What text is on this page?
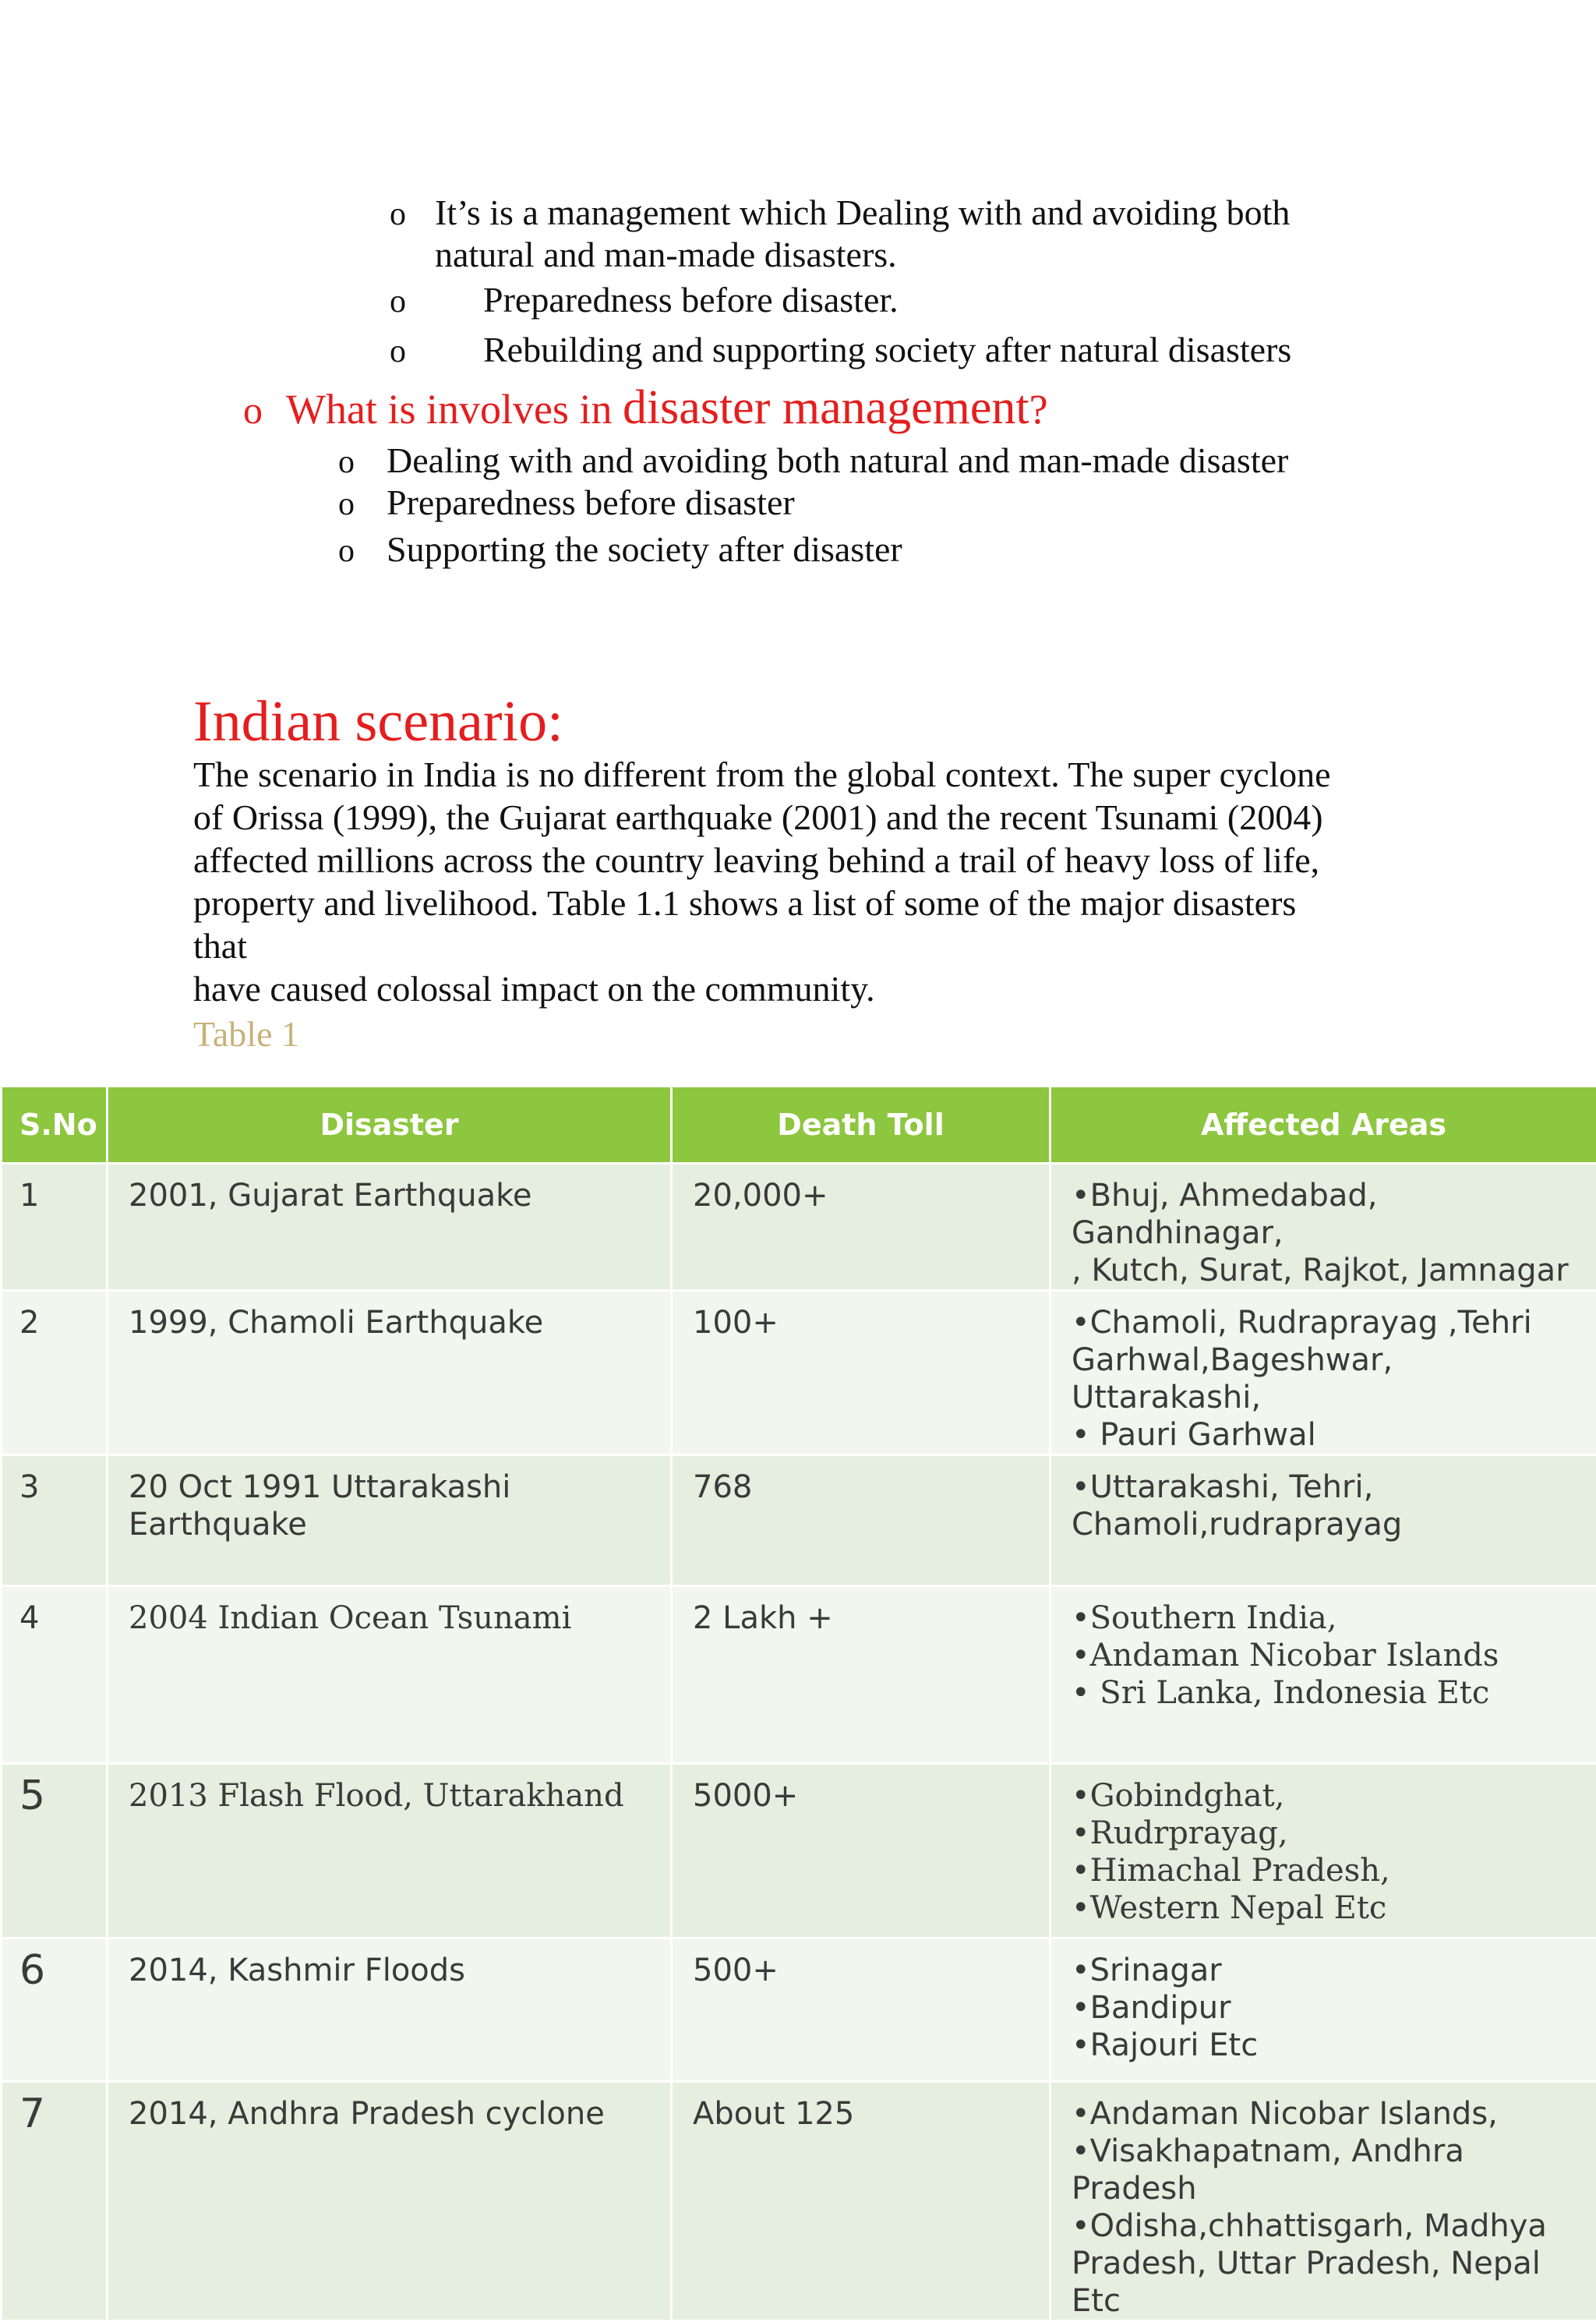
o It’s is a management which Dealing with and avoiding both
natural and man-made disasters.
o Preparedness before disaster.
o Rebuilding and supporting society after natural disasters
o What is involves in disaster management?
o Dealing with and avoiding both natural and man-made disaster
o Preparedness before disaster
o Supporting the society after disaster
Indian scenario:
The scenario in India is no different from the global context. The super cyclone
of Orissa (1999), the Gujarat earthquake (2001) and the recent Tsunami (2004)
affected millions across the country leaving behind a trail of heavy loss of life,
property and livelihood. Table 1.1 shows a list of some of the major disasters
that
have caused colossal impact on the community.
Table 1
S.No	Disaster	Death Toll	Affected Areas
1	2001, Gujarat Earthquake	20,000+	•Bhuj, Ahmedabad, Gandhinagar,
, Kutch, Surat, Rajkot, Jamnagar

2	1999, Chamoli Earthquake	100+	•Chamoli, Rudraprayag ,Tehri
Garhwal,Bageshwar, Uttarakashi,
• Pauri Garhwal

3	20 Oct 1991 Uttarakashi Earthquake	768	•Uttarakashi, Tehri,
Chamoli,rudraprayag

4	2004 Indian Ocean Tsunami	2 Lakh +	•Southern India,
•Andaman Nicobar Islands
• Sri Lanka, Indonesia Etc

5	2013 Flash Flood, Uttarakhand	5000+	•Gobindghat,
•Rudrprayag,
•Himachal Pradesh,
•Western Nepal Etc

6	2014, Kashmir Floods	500+	•Srinagar
•Bandipur
•Rajouri Etc

7	2014, Andhra Pradesh cyclone	About 125	•Andaman Nicobar Islands,
•Visakhapatnam, Andhra Pradesh
•Odisha,chhattisgarh, Madhya
Pradesh, Uttar Pradesh, Nepal Etc
